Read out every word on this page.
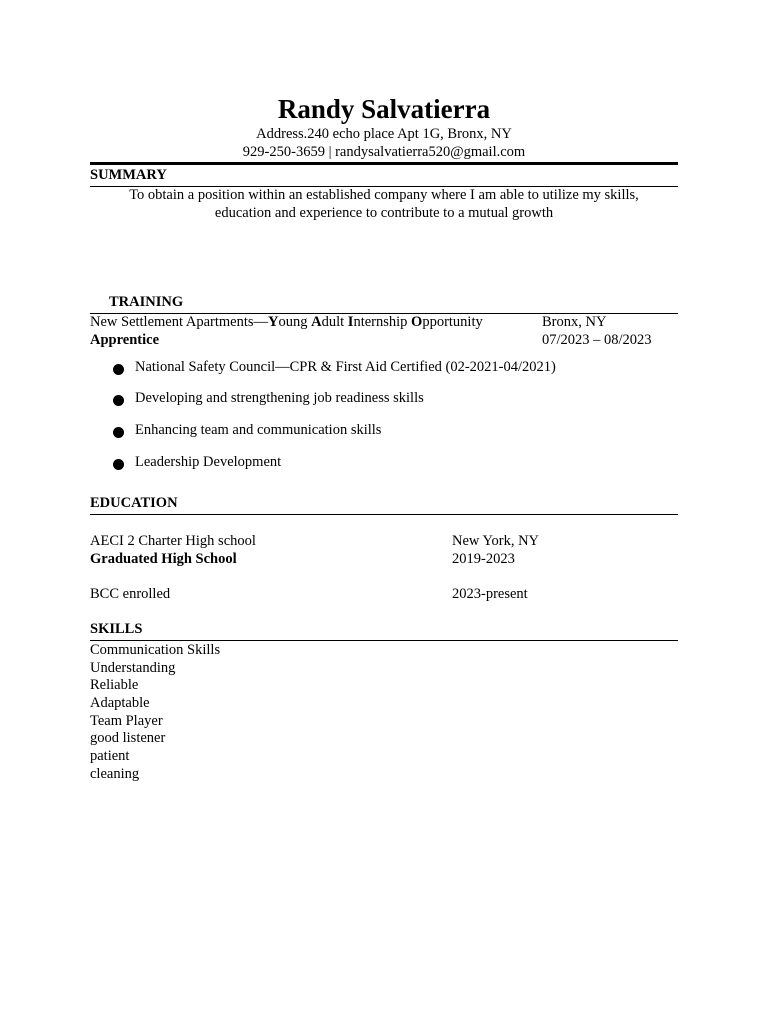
Randy Salvatierra
Address.240 echo place Apt 1G, Bronx, NY
929-250-3659 | randysalvatierra520@gmail.com
SUMMARY
To obtain a position within an established company where I am able to utilize my skills,
education and experience to contribute to a mutual growth
TRAINING
New Settlement Apartments—Young Adult Internship Opportunity	Bronx, NY
Apprentice	07/2023 – 08/2023
National Safety Council—CPR & First Aid Certified (02-2021-04/2021)
Developing and strengthening job readiness skills
Enhancing team and communication skills
Leadership Development
EDUCATION
AECI 2 Charter High school	New York, NY
Graduated High School	2019-2023
BCC enrolled	2023-present
SKILLS
Communication Skills
Understanding
Reliable
Adaptable
Team Player
good listener
patient
cleaning
